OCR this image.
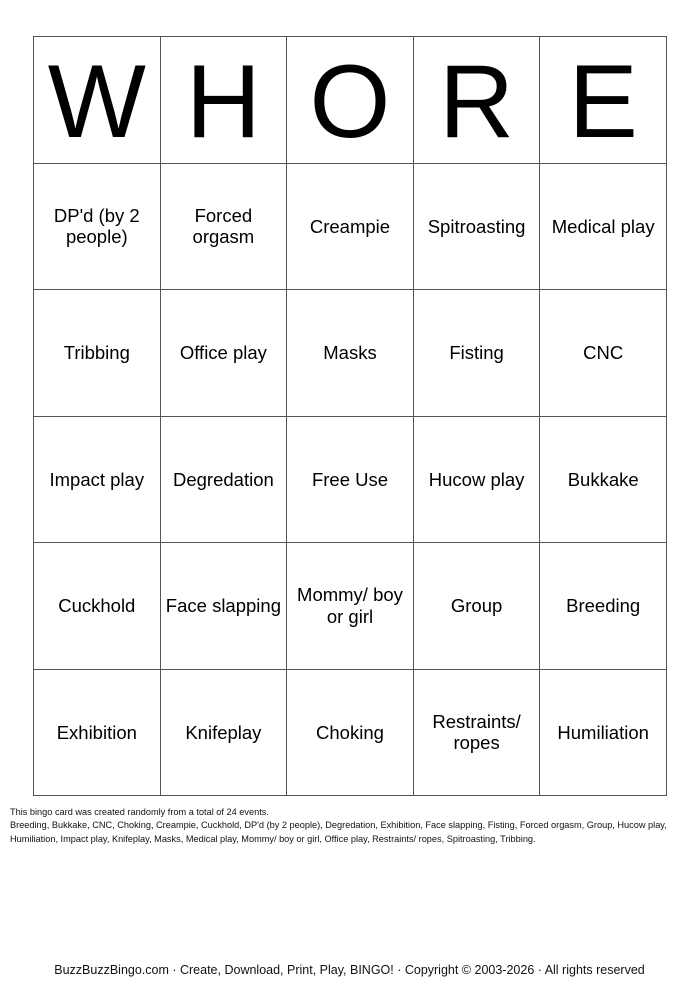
W	H	O	R	E
DP'd (by 2 people)	Forced orgasm	Creampie	Spitroasting	Medical play
Tribbing	Office play	Masks	Fisting	CNC
Impact play	Degredation	Free Use	Hucow play	Bukkake
Cuckhold	Face slapping	Mommy/ boy or girl	Group	Breeding
Exhibition	Knifeplay	Choking	Restraints/ ropes	Humiliation
This bingo card was created randomly from a total of 24 events.
Breeding, Bukkake, CNC, Choking, Creampie, Cuckhold, DP'd (by 2 people), Degredation, Exhibition, Face slapping, Fisting, Forced orgasm, Group, Hucow play, Humiliation, Impact play, Knifeplay, Masks, Medical play, Mommy/ boy or girl, Office play, Restraints/ ropes, Spitroasting, Tribbing.
BuzzBuzzBingo.com · Create, Download, Print, Play, BINGO! · Copyright © 2003-2026 · All rights reserved
